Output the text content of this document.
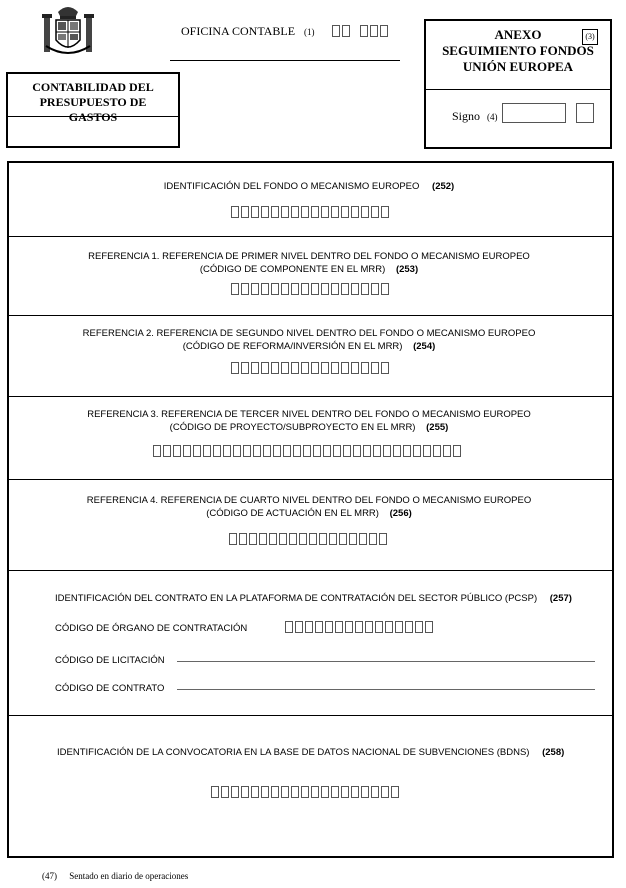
OFICINA CONTABLE (1)
CONTABILIDAD DEL PRESUPUESTO DE GASTOS
ANEXO
SEGUIMIENTO FONDOS
UNIÓN EUROPEA
(3)
Signo (4)
IDENTIFICACIÓN DEL FONDO O MECANISMO EUROPEO (252)
REFERENCIA 1. REFERENCIA DE PRIMER NIVEL DENTRO DEL FONDO O MECANISMO EUROPEO
(CÓDIGO DE COMPONENTE EN EL MRR) (253)
REFERENCIA 2. REFERENCIA DE SEGUNDO NIVEL DENTRO DEL FONDO O MECANISMO EUROPEO
(CÓDIGO DE REFORMA/INVERSIÓN EN EL MRR) (254)
REFERENCIA 3. REFERENCIA DE TERCER NIVEL DENTRO DEL FONDO O MECANISMO EUROPEO
(CÓDIGO DE PROYECTO/SUBPROYECTO EN EL MRR) (255)
REFERENCIA 4. REFERENCIA DE CUARTO NIVEL DENTRO DEL FONDO O MECANISMO EUROPEO
(CÓDIGO DE ACTUACIÓN EN EL MRR) (256)
IDENTIFICACIÓN DEL CONTRATO EN LA PLATAFORMA DE CONTRATACIÓN DEL SECTOR PÚBLICO (PCSP) (257)
CÓDIGO DE ÓRGANO DE CONTRATACIÓN
CÓDIGO DE LICITACIÓN
CÓDIGO DE CONTRATO
IDENTIFICACIÓN DE LA CONVOCATORIA EN LA BASE DE DATOS NACIONAL DE SUBVENCIONES (BDNS) (258)
(47) Sentado en diario de operaciones
